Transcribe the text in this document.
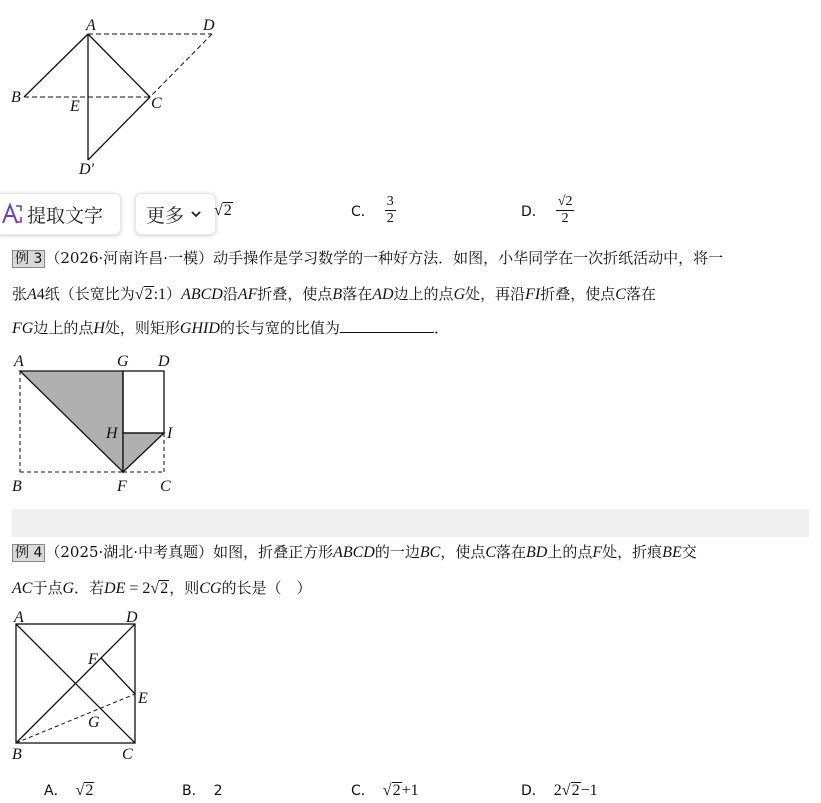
A	D
B
E	C
D′
提取文字 更多 √2	C． $\frac{3}{2}$	D． $\frac{√2}{2}$
例 3 （2026·河南许昌·一模）动手操作是学习数学的一种好方法．如图，小华同学在一次折纸活动中，将一
张A4纸（长宽比为√2:1）ABCD沿AF折叠，使点B落在AD边上的点G处，再沿FI折叠，使点C落在
FG边上的点H处，则矩形GHID的长与宽的比值为	．
A	G D
H	I
B	F C
例 4 （2025·湖北·中考真题）如图，折叠正方形ABCD的一边BC，使点C落在BD上的点F处，折痕BE交
AC于点G．若DE = 2√2，则CG的长是（　）
A	D
F
E
G
B	C
A． √2	B． 2	C． √2+1	D． 2√2−1
